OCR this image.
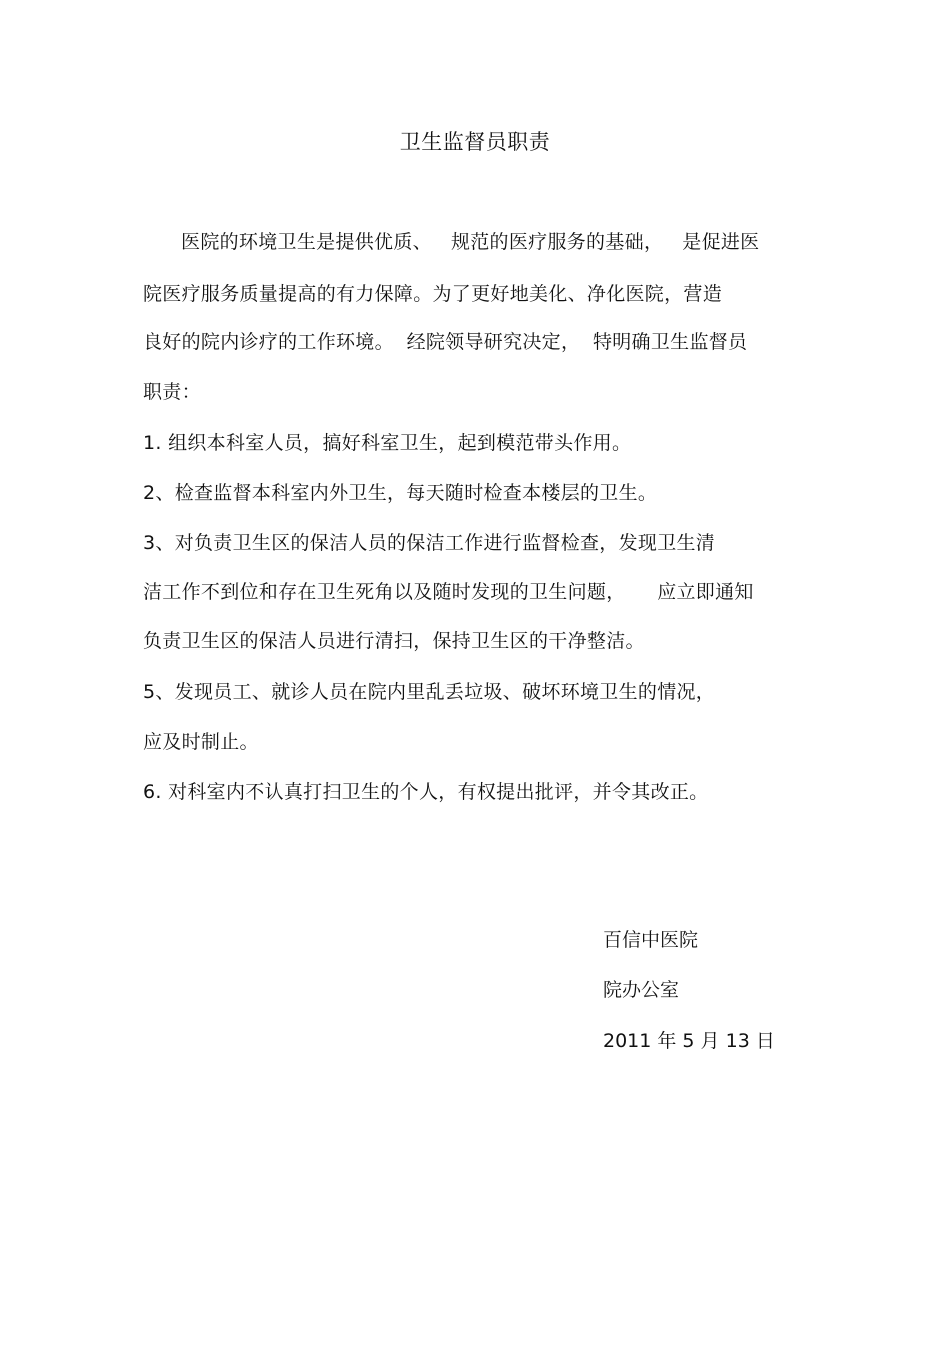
卫生监督员职责
医院的环境卫生是提供优质、   规范的医疗服务的基础，   是促进医
院医疗服务质量提高的有力保障。为了更好地美化、净化医院，营造
良好的院内诊疗的工作环境。  经院领导研究决定，  特明确卫生监督员
职责：
1. 组织本科室人员，搞好科室卫生，起到模范带头作用。
2、检查监督本科室内外卫生，每天随时检查本楼层的卫生。
3、对负责卫生区的保洁人员的保洁工作进行监督检查，发现卫生清
洁工作不到位和存在卫生死角以及随时发现的卫生问题，     应立即通知
负责卫生区的保洁人员进行清扫，保持卫生区的干净整洁。
5、发现员工、就诊人员在院内里乱丢垃圾、破坏环境卫生的情况，
应及时制止。
6. 对科室内不认真打扫卫生的个人，有权提出批评，并令其改正。
百信中医院
院办公室
2011 年 5 月 13 日
